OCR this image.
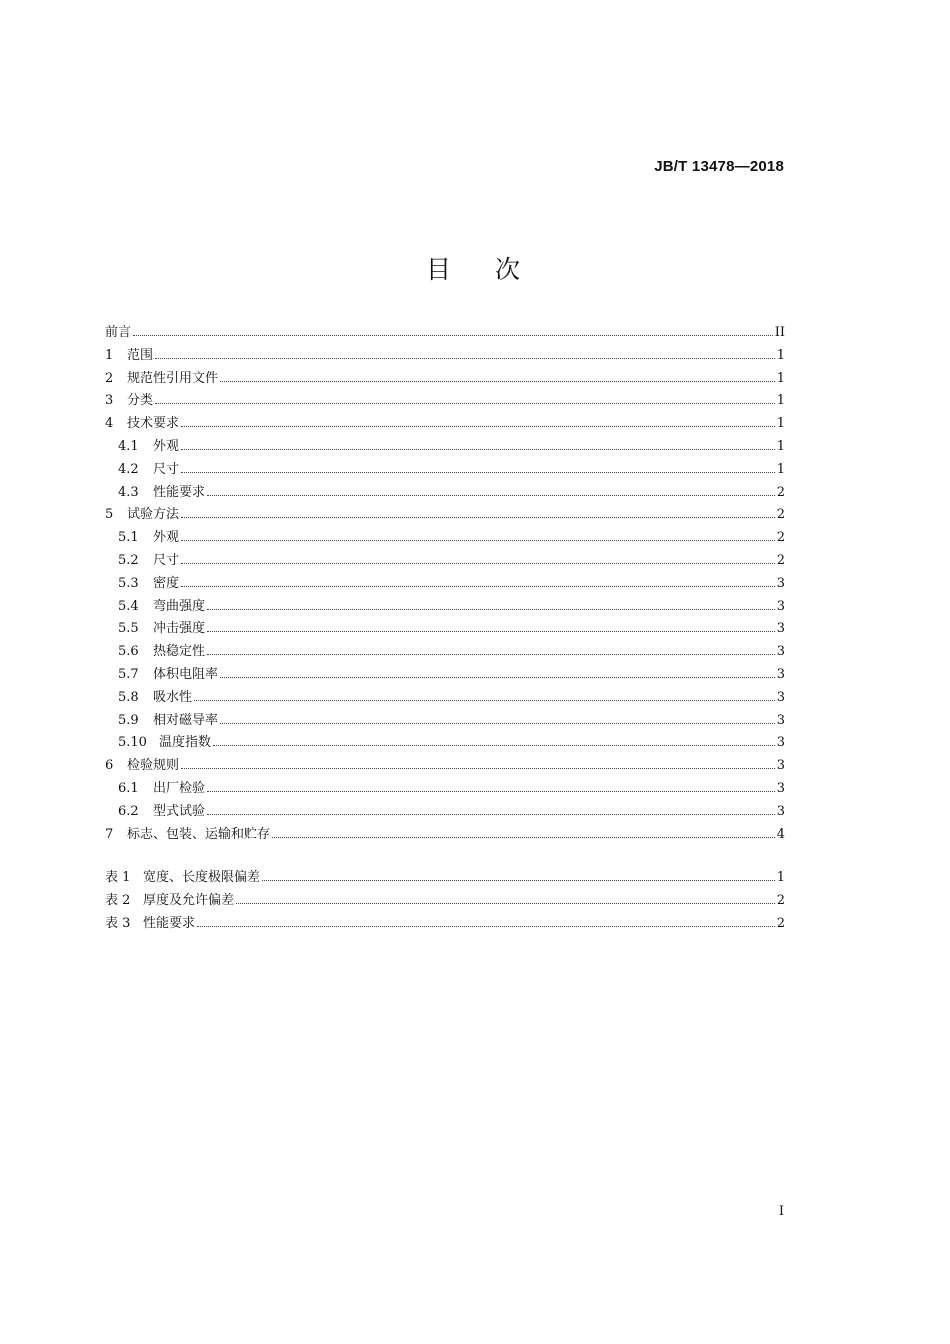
JB/T 13478—2018
目次
前言	II
1	范围	1
2	规范性引用文件	1
3	分类	1
4	技术要求	1
4.1	外观	1
4.2	尺寸	1
4.3	性能要求	2
5	试验方法	2
5.1	外观	2
5.2	尺寸	2
5.3	密度	3
5.4	弯曲强度	3
5.5	冲击强度	3
5.6	热稳定性	3
5.7	体积电阻率	3
5.8	吸水性	3
5.9	相对磁导率	3
5.10 温度指数	3
6	检验规则	3
6.1	出厂检验	3
6.2	型式试验	3
7	标志、包装、运输和贮存	4
表 1 宽度、长度极限偏差	1
表 2 厚度及允许偏差	2
表 3 性能要求	2
I
